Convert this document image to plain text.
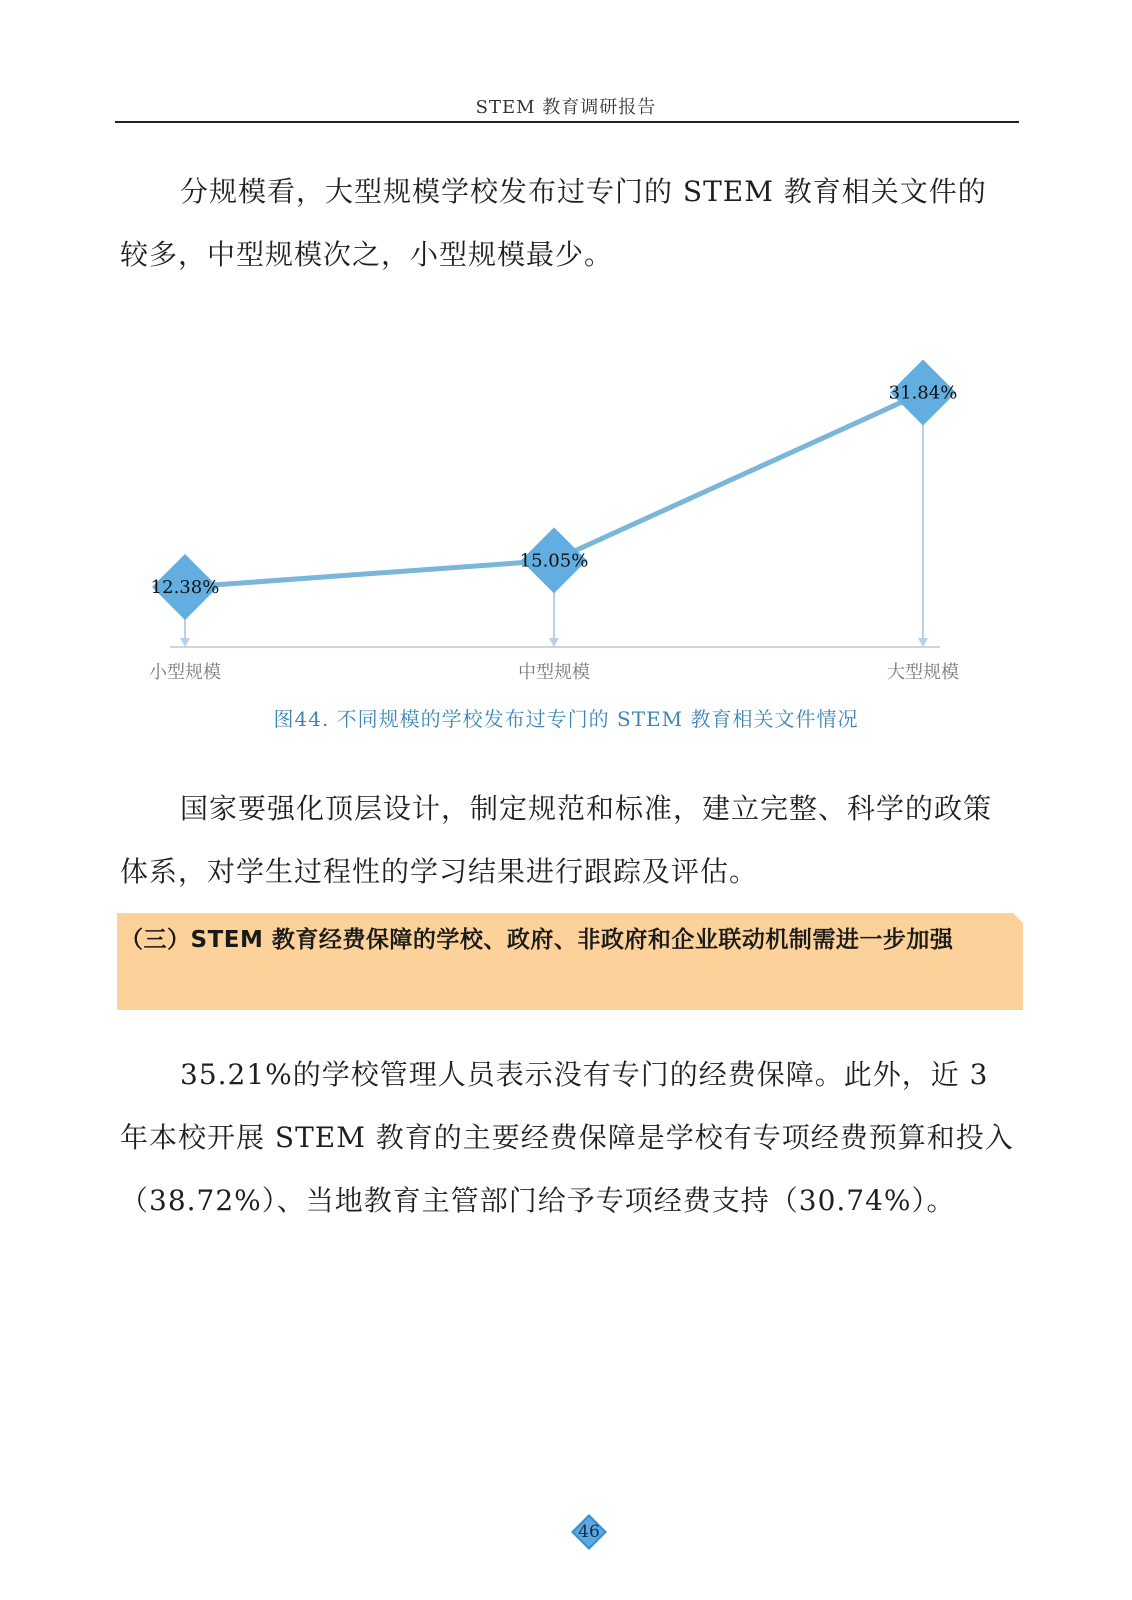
STEM 教育调研报告

分规模看，大型规模学校发布过专门的 STEM 教育相关文件的较多，中型规模次之，小型规模最少。

12.38%
15.05%
31.84%
小型规模	中型规模	大型规模
图44. 不同规模的学校发布过专门的 STEM 教育相关文件情况

国家要强化顶层设计，制定规范和标准，建立完整、科学的政策体系，对学生过程性的学习结果进行跟踪及评估。

（三）STEM 教育经费保障的学校、政府、非政府和企业联动机制需进一步加强

35.21%的学校管理人员表示没有专门的经费保障。此外，近 3 年本校开展 STEM 教育的主要经费保障是学校有专项经费预算和投入（38.72%）、当地教育主管部门给予专项经费支持（30.74%）。

46
